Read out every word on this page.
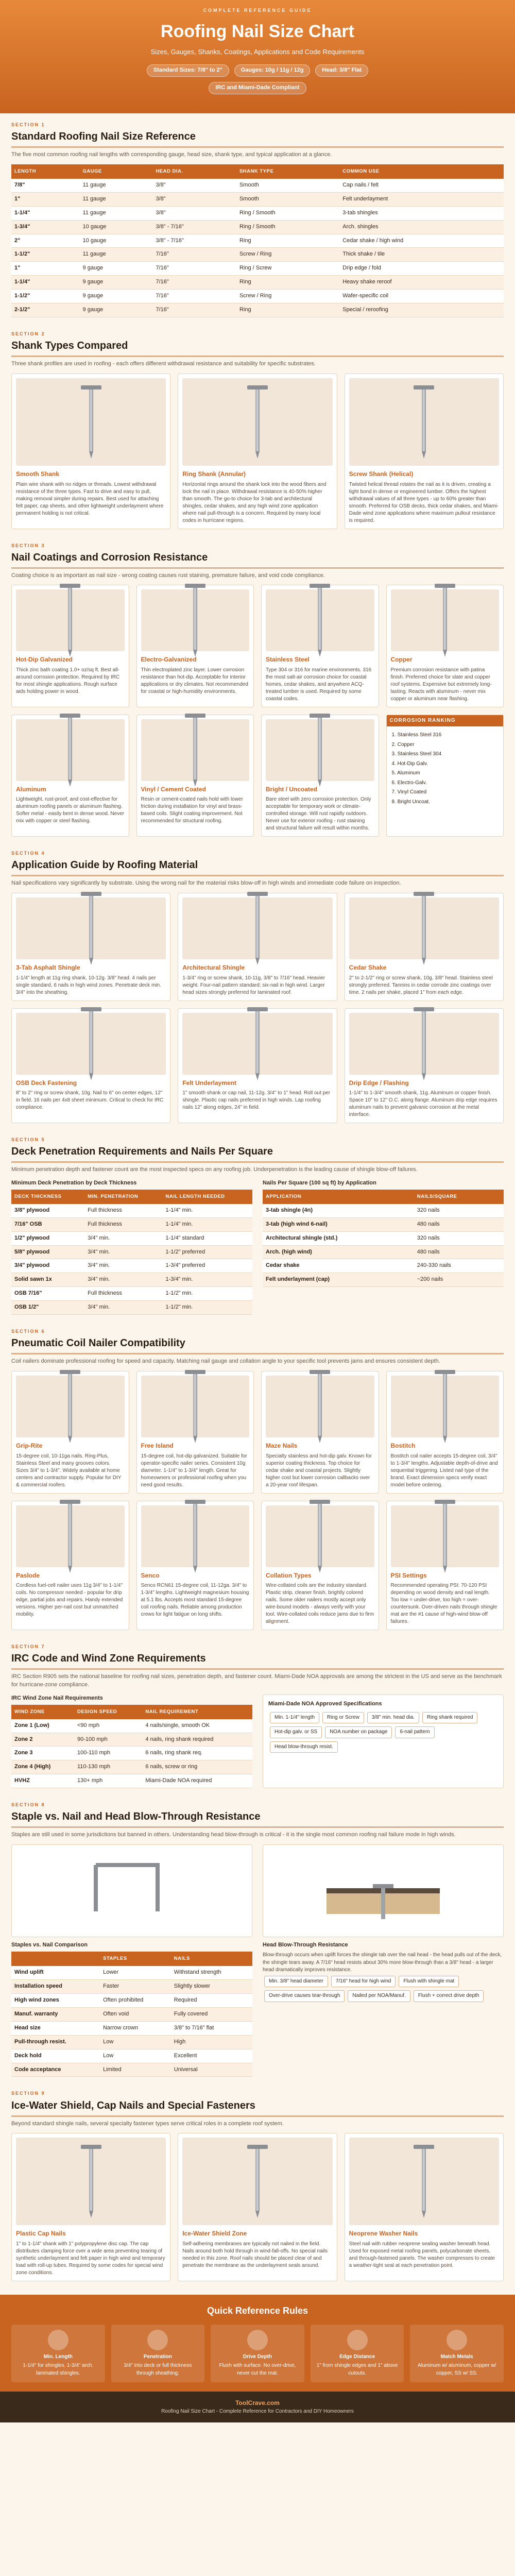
COMPLETE REFERENCE GUIDE
Roofing Nail Size Chart
Sizes, Gauges, Shanks, Coatings, Applications and Code Requirements
Standard Sizes: 7/8" to 2"	Gauges: 10g / 11g / 12g	Head: 3/8" Flat
IRC and Miami-Dade Compliant
SECTION 1
Standard Roofing Nail Size Reference

The five most common roofing nail lengths with corresponding gauge, head size, shank type, and typical application at a glance.

LENGTH	GAUGE	HEAD DIA.	SHANK TYPE	COMMON USE
7/8"	11 gauge	3/8"	Smooth	Cap nails / felt
1"	11 gauge	3/8"	Smooth	Felt underlayment
1-1/4"	11 gauge	3/8"	Ring / Smooth	3-tab shingles
1-3/4"	10 gauge	3/8" - 7/16"	Ring / Smooth	Arch. shingles
2"	10 gauge	3/8" - 7/16"	Ring	Cedar shake / high wind
1-1/2"	11 gauge	7/16"	Screw / Ring	Thick shake / tile
1"	9 gauge	7/16"	Ring / Screw	Drip edge / fold
1-1/4"	9 gauge	7/16"	Ring	Heavy shake reroof
1-1/2"	9 gauge	7/16"	Screw / Ring	Wafer-specific coil
2-1/2"	9 gauge	7/16"	Ring	Special / reroofing
SECTION 2
Shank Types Compared

Three shank profiles are used in roofing - each offers different withdrawal resistance and suitability for specific substrates.

Smooth Shank

Plain wire shank with no ridges or threads. Lowest withdrawal resistance of the three types. Fast to drive and easy to pull, making removal simpler during repairs. Best used for attaching felt paper, cap sheets, and other lightweight underlayment where permanent holding is not critical.

Ring Shank (Annular)

Horizontal rings around the shank lock into the wood fibers and lock the nail in place. Withdrawal resistance is 40-50% higher than smooth. The go-to choice for 3-tab and architectural shingles, cedar shakes, and any high wind zone application where nail pull-through is a concern. Required by many local codes in hurricane regions.

Screw Shank (Helical)

Twisted helical thread rotates the nail as it is driven, creating a tight bond in dense or engineered lumber. Offers the highest withdrawal values of all three types - up to 60% greater than smooth. Preferred for OSB decks, thick cedar shakes, and Miami-Dade wind zone applications where maximum pullout resistance is required.

SECTION 3
Nail Coatings and Corrosion Resistance

Coating choice is as important as nail size - wrong coating causes rust staining, premature failure, and void code compliance.

Hot-Dip Galvanized

Thick zinc bath coating 1.0+ oz/sq ft. Best all-around corrosion protection. Required by IRC for most shingle applications. Rough surface aids holding power in wood.

Electro-Galvanized

Thin electroplated zinc layer. Lower corrosion resistance than hot-dip. Acceptable for interior applications or dry climates. Not recommended for coastal or high-humidity environments.

Stainless Steel

Type 304 or 316 for marine environments. 316 the most salt-air corrosion choice for coastal homes, cedar shakes, and anywhere ACQ-treated lumber is used. Required by some coastal codes.

Copper

Premium corrosion resistance with patina finish. Preferred choice for slate and copper roof systems. Expensive but extremely long-lasting. Reacts with aluminum - never mix copper or aluminum near flashing.

Aluminum

Lightweight, rust-proof, and cost-effective for aluminum roofing panels or aluminum flashing. Softer metal - easily bent in dense wood. Never mix with copper or steel flashing.

Vinyl / Cement Coated

Resin or cement-coated nails hold with lower friction during installation for vinyl and brass-based coils. Slight coating improvement. Not recommended for structural roofing.

Bright / Uncoated

Bare steel with zero corrosion protection. Only acceptable for temporary work or climate-controlled storage. Will rust rapidly outdoors. Never use for exterior roofing - rust staining and structural failure will result within months.

CORROSION RANKING
1. Stainless Steel 316
2. Copper
3. Stainless Steel 304
4. Hot-Dip Galv.
5. Aluminum
6. Electro-Galv.
7. Vinyl Coated
8. Bright Uncoat.
SECTION 4
Application Guide by Roofing Material

Nail specifications vary significantly by substrate. Using the wrong nail for the material risks blow-off in high winds and immediate code failure on inspection.

3-Tab Asphalt Shingle

1-1/4" length at 11g ring shank, 10-12g. 3/8" head. 4 nails per single standard, 6 nails in high wind zones. Penetrate deck min. 3/4" into the sheathing.

Architectural Shingle

1-3/4" ring or screw shank, 10-11g, 3/8" to 7/16" head. Heavier weight. Four-nail pattern standard; six-nail in high wind. Larger head sizes strongly preferred for laminated roof.

Cedar Shake

2" to 2-1/2" ring or screw shank, 10g, 3/8" head. Stainless steel strongly preferred. Tannins in cedar corrode zinc coatings over time. 2 nails per shake, placed 1" from each edge.

OSB Deck Fastening

8" to 2" ring or screw shank, 10g. Nail to 6" on center edges, 12" in field. 16 nails per 4x8 sheet minimum. Critical to check for IRC compliance.

Felt Underlayment

1" smooth shank or cap nail, 11-12g. 3/4" to 1" head. Roll out per shingle. Plastic cap nails preferred in high winds. Lap roofing nails 12" along edges, 24" in field.

Drip Edge / Flashing

1-1/4" to 1-3/4" smooth shank, 11g. Aluminum or copper finish. Space 10" to 12" O.C. along flange. Aluminum drip edge requires aluminum nails to prevent galvanic corrosion at the metal interface.

SECTION 5
Deck Penetration Requirements and Nails Per Square

Minimum penetration depth and fastener count are the most inspected specs on any roofing job. Underpenetration is the leading cause of shingle blow-off failures.

Minimum Deck Penetration by Deck Thickness
DECK THICKNESS	MIN. PENETRATION	NAIL LENGTH NEEDED
3/8" plywood	Full thickness	1-1/4" min.
7/16" OSB	Full thickness	1-1/4" min.
1/2" plywood	3/4" min.	1-1/4" standard
5/8" plywood	3/4" min.	1-1/2" preferred
3/4" plywood	3/4" min.	1-3/4" preferred
Solid sawn 1x	3/4" min.	1-3/4" min.
OSB 7/16"	Full thickness	1-1/2" min.
OSB 1/2"	3/4" min.	1-1/2" min.
Nails Per Square (100 sq ft) by Application
APPLICATION	NAILS/SQUARE
3-tab shingle (4n)	320 nails
3-tab (high wind 6-nail)	480 nails
Architectural shingle (std.)	320 nails
Arch. (high wind)	480 nails
Cedar shake	240-330 nails
Felt underlayment (cap)	~200 nails
SECTION 6
Pneumatic Coil Nailer Compatibility

Coil nailers dominate professional roofing for speed and capacity. Matching nail gauge and collation angle to your specific tool prevents jams and ensures consistent depth.

Grip-Rite

15-degree coil, 10-11ga nails. Ring-Plus, Stainless Steel and many grooves colors. Sizes 3/4" to 1-3/4". Widely available at home centers and contractor supply. Popular for DIY & commercial roofers.

Free Island

15-degree coil, hot-dip galvanized. Suitable for operator-specific nailer series. Consistent 10g diameter. 1-1/4" to 1-3/4" length. Great for homeowners or professional roofing when you need good results.

Maze Nails

Specialty stainless and hot-dip galv. Known for superior coating thickness. Top choice for cedar shake and coastal projects. Slightly higher cost but lower corrosion callbacks over a 20-year roof lifespan.

Bostitch

Bostitch coil nailer accepts 15-degree coil, 3/4" to 1-3/4" lengths. Adjustable depth-of-drive and sequential triggering. Listed nail type of the brand. Exact dimension specs verify exact model before ordering.

Paslode

Cordless fuel-cell nailer uses 11g 3/4" to 1-1/4" coils. No compressor needed - popular for drip edge, partial jobs and repairs. Handy extended versions. Higher per-nail cost but unmatched mobility.

Senco

Senco RCN61 15-degree coil, 11-12ga. 3/4" to 1-3/4" lengths. Lightweight magnesium housing at 5.1 lbs. Accepts most standard 15-degree coil roofing nails. Reliable among production crews for light fatigue on long shifts.

Collation Types

Wire-collated coils are the industry standard. Plastic strip, cleaner finish, brightly colored nails. Some older nailers mostly accept only wire-bound models - always verify with your tool. Wire-collated coils reduce jams due to firm alignment.

PSI Settings

Recommended operating PSI: 70-120 PSI depending on wood density and nail length. Too low = under-drive, too high = over-countersunk. Over-driven nails through shingle mat are the #1 cause of high-wind blow-off failures.

SECTION 7
IRC Code and Wind Zone Requirements

IRC Section R905 sets the national baseline for roofing nail sizes, penetration depth, and fastener count. Miami-Dade NOA approvals are among the strictest in the US and serve as the benchmark for hurricane-zone compliance.

IRC Wind Zone Nail Requirements
WIND ZONE	DESIGN SPEED	NAIL REQUIREMENT
Zone 1 (Low)	<90 mph	4 nails/single, smooth OK
Zone 2	90-100 mph	4 nails, ring shank required
Zone 3	100-110 mph	6 nails, ring shank req.
Zone 4 (High)	110-130 mph	6 nails, screw or ring
HVHZ	130+ mph	Miami-Dade NOA required
Miami-Dade NOA Approved Specifications
Min. 1-1/4" length Ring or Screw 3/8" min. head dia. Ring shank requiredHot-dip galv. or SS NOA number on package 6-nail patternHead blow-through resist.
SECTION 8
Staple vs. Nail and Head Blow-Through Resistance

Staples are still used in some jurisdictions but banned in others. Understanding head blow-through is critical - it is the single most common roofing nail failure mode in high winds.

Staples vs. Nail Comparison
	STAPLES	NAILS
Wind uplift	Lower	Withstand strength
Installation speed	Faster	Slightly slower
High wind zones	Often prohibited	Required
Manuf. warranty	Often void	Fully covered
Head size	Narrow crown	3/8" to 7/16" flat
Pull-through resist.	Low	High
Deck hold	Low	Excellent
Code acceptance	Limited	Universal
Head Blow-Through Resistance

Blow-through occurs when uplift forces the shingle tab over the nail head - the head pulls out of the deck, the shingle tears away. A 7/16" head resists about 30% more blow-through than a 3/8" head - a larger head dramatically improves resistance.

Min. 3/8" head diameter 7/16" head for high wind Flush with shingle matOver-drive causes tear-through Nailed per NOA/Manuf. Flush + correct drive depth
SECTION 9
Ice-Water Shield, Cap Nails and Special Fasteners

Beyond standard shingle nails, several specialty fastener types serve critical roles in a complete roof system.

Plastic Cap Nails

1" to 1-1/4" shank with 1" polypropylene disc cap. The cap distributes clamping force over a wide area preventing tearing of synthetic underlayment and felt paper in high wind and temporary load with roll-up tubes. Required by some codes for special wind zone conditions.

Ice-Water Shield Zone

Self-adhering membranes are typically not nailed in the field. Nails around both hold through in wind-fall-offs. No special nails needed in this zone. Roof nails should be placed clear of and penetrate the membrane as the underlayment seals around.

Neoprene Washer Nails

Steel nail with rubber neoprene sealing washer beneath head. Used for exposed metal roofing panels, polycarbonate sheets, and through-fastened panels. The washer compresses to create a weather-tight seal at each penetration point.

Quick Reference Rules
Min. Length
1-1/4" for shingles. 1-3/4" arch. laminated shingles.
Penetration
3/4" into deck or full thickness through sheathing.
Drive Depth
Flush with surface. No over-drive, never cut the mat.
Edge Distance
1" from shingle edges and 1" above cutouts.
Match Metals
Aluminum w/ aluminum, copper w/ copper, SS w/ SS.
ToolCrave.com
Roofing Nail Size Chart - Complete Reference for Contractors and DIY Homeowners
